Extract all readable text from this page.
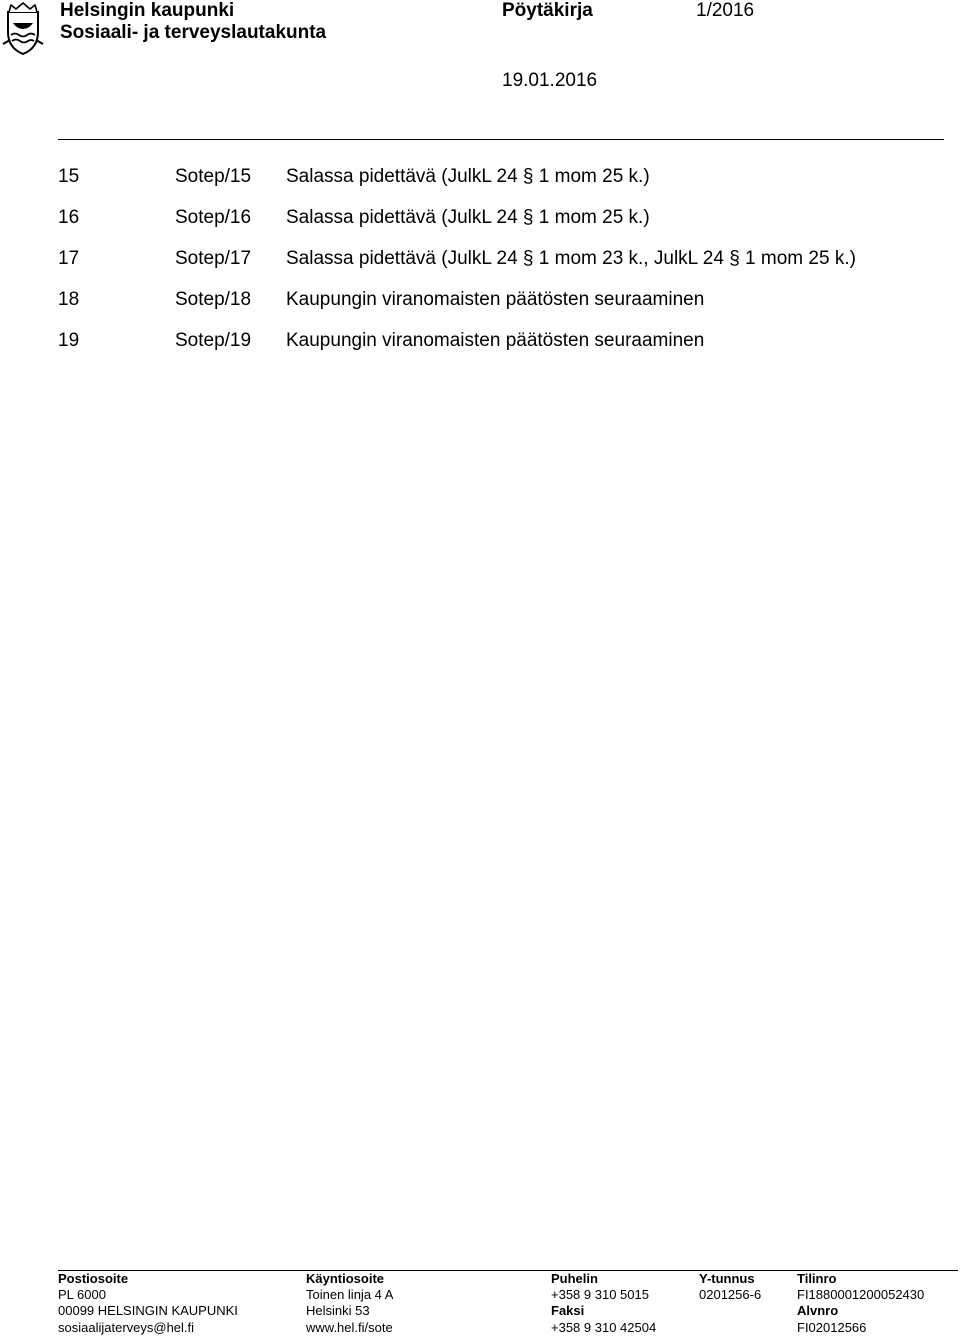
Helsingin kaupunki
Sosiaali- ja terveyslautakunta
Pöytäkirja	1/2016
19.01.2016
15	Sotep/15 Salassa pidettävä (JulkL 24 § 1 mom 25 k.)
16	Sotep/16 Salassa pidettävä (JulkL 24 § 1 mom 25 k.)
17	Sotep/17 Salassa pidettävä (JulkL 24 § 1 mom 23 k., JulkL 24 § 1 mom 25 k.)
18	Sotep/18 Kaupungin viranomaisten päätösten seuraaminen
19	Sotep/19 Kaupungin viranomaisten päätösten seuraaminen
Postiosoite
PL 6000
00099 HELSINGIN KAUPUNKI
sosiaalijaterveys@hel.fi
Käyntiosoite
Toinen linja 4 A
Helsinki 53
www.hel.fi/sote
Puhelin
+358 9 310 5015
Faksi
+358 9 310 42504
Y-tunnus
0201256-6
Tilinro
FI1880001200052430
Alvnro
FI02012566
